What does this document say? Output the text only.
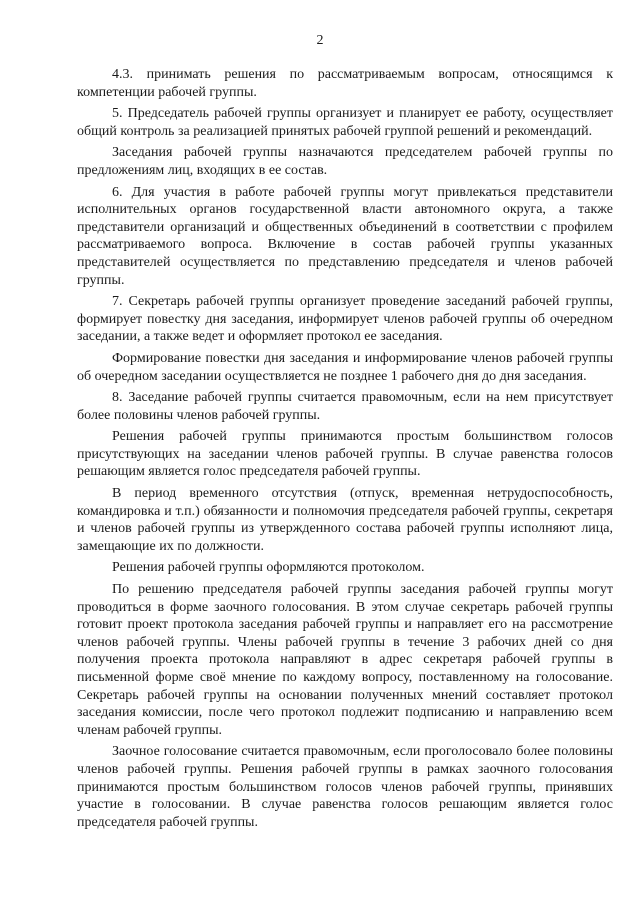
2

4.3. принимать решения по рассматриваемым вопросам, относящимся к компетенции рабочей группы.

5. Председатель рабочей группы организует и планирует ее работу, осуществляет общий контроль за реализацией принятых рабочей группой решений и рекомендаций.

Заседания рабочей группы назначаются председателем рабочей группы по предложениям лиц, входящих в ее состав.

6. Для участия в работе рабочей группы могут привлекаться представители исполнительных органов государственной власти автономного округа, а также представители организаций и общественных объединений в соответствии с профилем рассматриваемого вопроса. Включение в состав рабочей группы указанных представителей осуществляется по представлению председателя и членов рабочей группы.

7. Секретарь рабочей группы организует проведение заседаний рабочей группы, формирует повестку дня заседания, информирует членов рабочей группы об очередном заседании, а также ведет и оформляет протокол ее заседания.

Формирование повестки дня заседания и информирование членов рабочей группы об очередном заседании осуществляется не позднее 1 рабочего дня до дня заседания.

8. Заседание рабочей группы считается правомочным, если на нем присутствует более половины членов рабочей группы.

Решения рабочей группы принимаются простым большинством голосов присутствующих на заседании членов рабочей группы. В случае равенства голосов решающим является голос председателя рабочей группы.

В период временного отсутствия (отпуск, временная нетрудоспособность, командировка и т.п.) обязанности и полномочия председателя рабочей группы, секретаря и членов рабочей группы из утвержденного состава рабочей группы исполняют лица, замещающие их по должности.

Решения рабочей группы оформляются протоколом.

По решению председателя рабочей группы заседания рабочей группы могут проводиться в форме заочного голосования. В этом случае секретарь рабочей группы готовит проект протокола заседания рабочей группы и направляет его на рассмотрение членов рабочей группы. Члены рабочей группы в течение 3 рабочих дней со дня получения проекта протокола направляют в адрес секретаря рабочей группы в письменной форме своё мнение по каждому вопросу, поставленному на голосование. Секретарь рабочей группы на основании полученных мнений составляет протокол заседания комиссии, после чего протокол подлежит подписанию и направлению всем членам рабочей группы.

Заочное голосование считается правомочным, если проголосовало более половины членов рабочей группы. Решения рабочей группы в рамках заочного голосования принимаются простым большинством голосов членов рабочей группы, принявших участие в голосовании. В случае равенства голосов решающим является голос председателя рабочей группы.
